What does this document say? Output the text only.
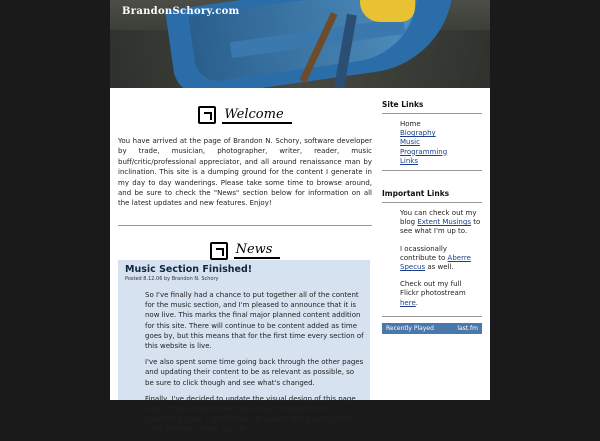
BrandonSchory.com
Welcome
You have arrived at the page of Brandon N. Schory, software developer by trade, musician, photographer, writer, reader, music buff/critic/professional appreciator, and all around renaissance man by inclination. This site is a dumping ground for the content I generate in my day to day wanderings. Please take some time to browse around, and be sure to check the "News" section below for information on all the latest updates and new features. Enjoy!
News
Music Section Finished!
Posted 8.12.06 by Brandon N. Schory

So I've finally had a chance to put together all of the content for the music section, and I'm pleased to announce that it is now live. This marks the final major planned content addition for this site. There will continue to be content added as time goes by, but this means that for the first time every section of this website is live.

I've also spent some time going back through the other pages and updating their content to be as relevant as possible, so be sure to click though and see what's changed.

Finally, I've decided to update the visual design of this page again. There haven't been any major changes to the underlying code, I just decided to update the graphics and color scheme. I hope you like

Site Links
Home
Biography
Music
Programming
Links
Important Links

You can check out my blog Extent Musings to see what I'm up to.

I ocassionally contribute to Aberre Specus as well.

Check out my full Flickr photostream here.

Recently Played	last.fm
